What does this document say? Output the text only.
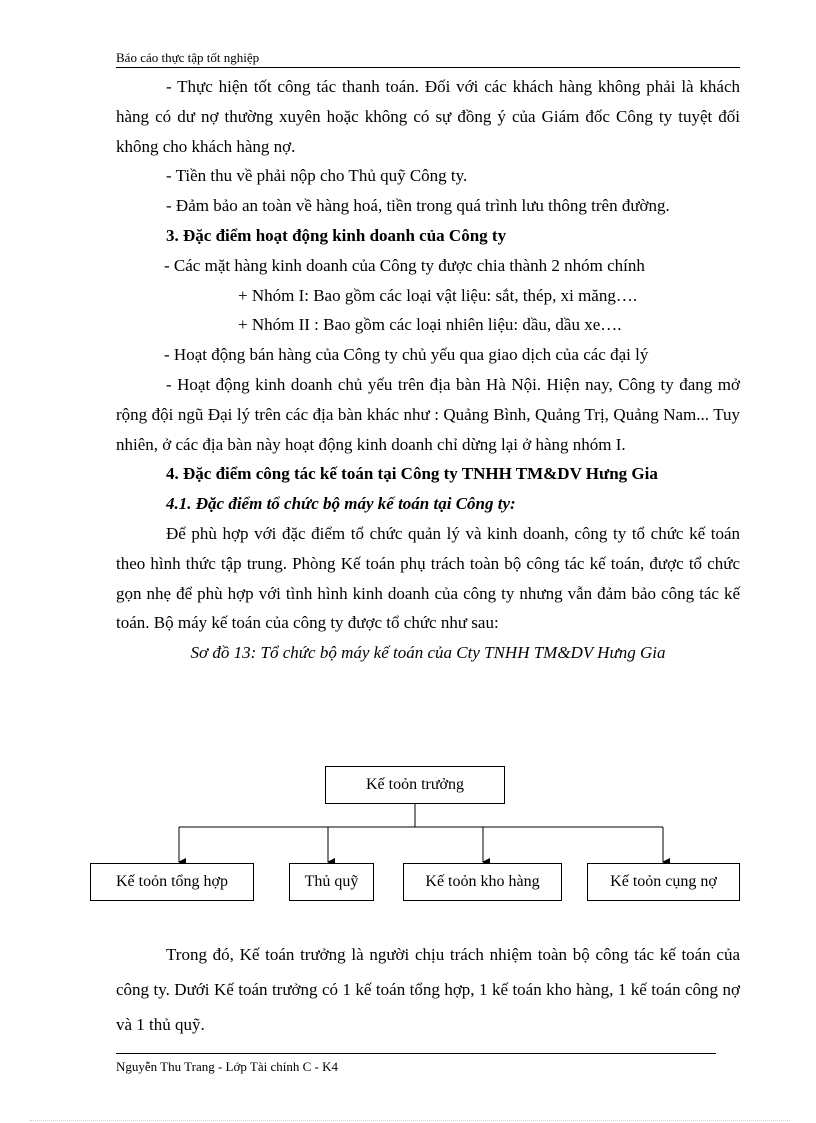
Báo cáo thực tập tốt nghiệp

- Thực hiện tốt công tác thanh toán. Đối với các khách hàng không phải là khách hàng có dư nợ thường xuyên hoặc không có sự đồng ý của Giám đốc Công ty tuyệt đối không cho khách hàng nợ.

- Tiền thu về phải nộp cho Thủ quỹ Công ty.

- Đảm bảo an toàn về hàng hoá, tiền trong quá trình lưu thông trên đường.

3. Đặc điểm hoạt động kinh doanh của Công ty

- Các mặt hàng kinh doanh của Công ty được chia thành 2 nhóm chính

+ Nhóm I: Bao gồm các loại vật liệu: sắt, thép, xi măng….

+ Nhóm II : Bao gồm các loại nhiên liệu: dầu, dầu xe….

- Hoạt động bán hàng của Công ty chủ yếu qua giao dịch của các đại lý

- Hoạt động kinh doanh chủ yếu trên địa bàn Hà Nội. Hiện nay, Công ty đang mở rộng đội ngũ Đại lý trên các địa bàn khác như : Quảng Bình, Quảng Trị, Quảng Nam... Tuy nhiên, ở các địa bàn này hoạt động kinh doanh chỉ dừng lại ở hàng nhóm I.

4. Đặc điểm công tác kế toán tại Công ty TNHH TM&DV Hưng Gia

4.1. Đặc điểm tổ chức bộ máy kế toán tại Công ty:

Để phù hợp với đặc điểm tổ chức quản lý và kinh doanh, công ty tổ chức kế toán theo hình thức tập trung. Phòng Kế toán phụ trách toàn bộ công tác kế toán, được tổ chức gọn nhẹ để phù hợp với tình hình kinh doanh của công ty nhưng vẫn đảm bảo công tác kế toán. Bộ máy kế toán của công ty được tổ chức như sau:

Sơ đồ 13: Tổ chức bộ máy kế toán của Cty TNHH TM&DV Hưng Gia

Kế toỏn trưởng
Kế toỏn tổng hợp	Thủ quỹ	Kế toỏn kho hàng	Kế toỏn cụng nợ

Trong đó, Kế toán trưởng là người chịu trách nhiệm toàn bộ công tác kế toán của công ty. Dưới Kế toán trưởng có 1 kế toán tổng hợp, 1 kế toán kho hàng, 1 kế toán công nợ và 1 thủ quỹ.

Nguyễn Thu Trang - Lớp Tài chính C - K4
